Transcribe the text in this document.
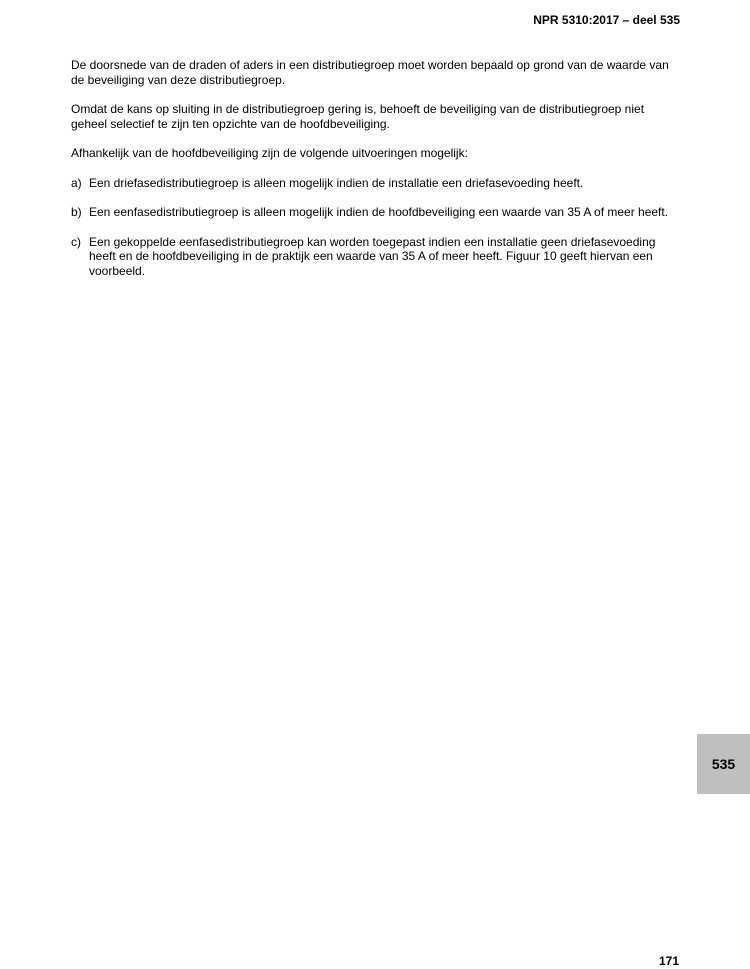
NPR 5310:2017 – deel 535

De doorsnede van de draden of aders in een distributiegroep moet worden bepaald op grond van de waarde van de beveiliging van deze distributiegroep.

Omdat de kans op sluiting in de distributiegroep gering is, behoeft de beveiliging van de distributiegroep niet geheel selectief te zijn ten opzichte van de hoofdbeveiliging.

Afhankelijk van de hoofdbeveiliging zijn de volgende uitvoeringen mogelijk:

a) Een driefasedistributiegroep is alleen mogelijk indien de installatie een driefasevoeding heeft.
b) Een eenfasedistributiegroep is alleen mogelijk indien de hoofdbeveiliging een waarde van 35 A of meer heeft.
c) Een gekoppelde eenfasedistributiegroep kan worden toegepast indien een installatie geen driefasevoeding heeft en de hoofdbeveiliging in de praktijk een waarde van 35 A of meer heeft. Figuur 10 geeft hiervan een voorbeeld.
535
171
